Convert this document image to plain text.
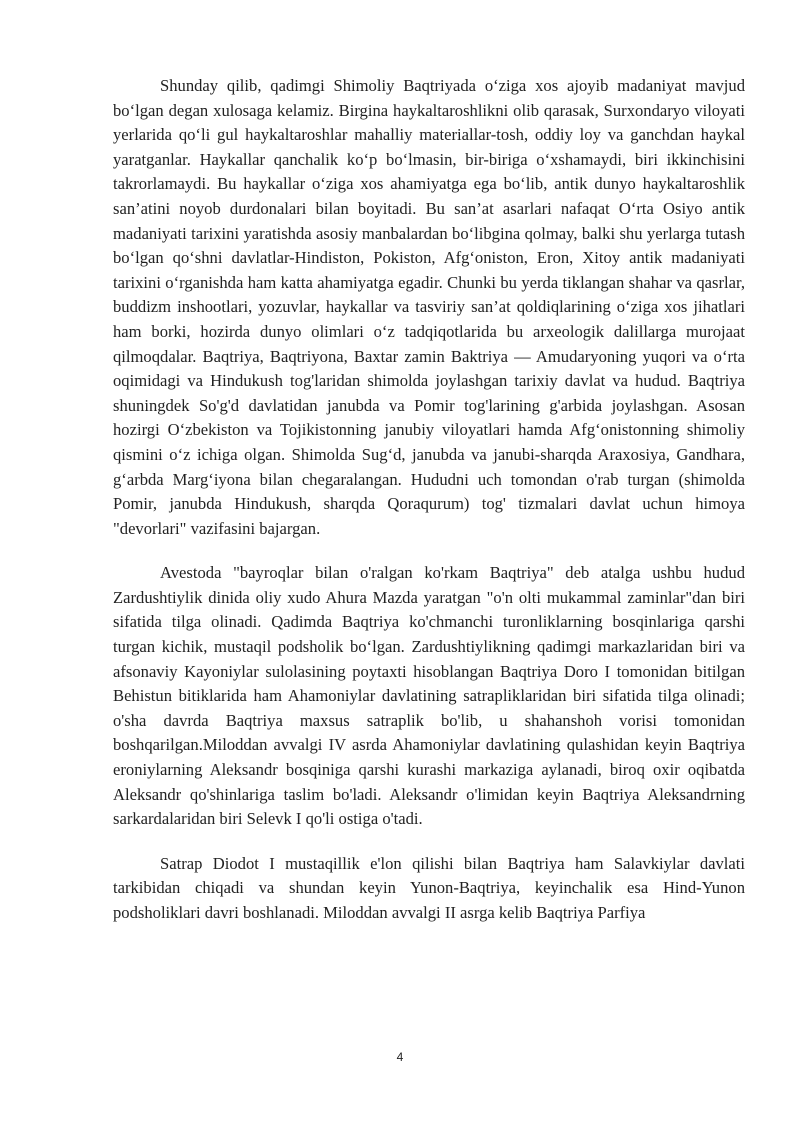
Shunday qilib, qadimgi Shimoliy Baqtriyada o‘ziga xos ajoyib madaniyat mavjud bo‘lgan degan xulosaga kelamiz. Birgina haykaltaroshlikni olib qarasak, Surxondaryo viloyati yerlarida qo‘li gul haykaltaroshlar mahalliy materiallar-tosh, oddiy loy va ganchdan haykal yaratganlar. Haykallar qanchalik ko‘p bo‘lmasin, bir-biriga o‘xshamaydi, biri ikkinchisini takrorlamaydi. Bu haykallar o‘ziga xos ahamiyatga ega bo‘lib, antik dunyo haykaltaroshlik san’atini noyob durdonalari bilan boyitadi. Bu san’at asarlari nafaqat O‘rta Osiyo antik madaniyati tarixini yaratishda asosiy manbalardan bo‘libgina qolmay, balki shu yerlarga tutash bo‘lgan qo‘shni davlatlar-Hindiston, Pokiston, Afg‘oniston, Eron, Xitoy antik madaniyati tarixini o‘rganishda ham katta ahamiyatga egadir. Chunki bu yerda tiklangan shahar va qasrlar, buddizm inshootlari, yozuvlar, haykallar va tasviriy san’at qoldiqlarining o‘ziga xos jihatlari ham borki, hozirda dunyo olimlari o‘z tadqiqotlarida bu arxeologik dalillarga murojaat qilmoqdalar. Baqtriya, Baqtriyona, Baxtar zamin Baktriya — Amudaryoning yuqori va o‘rta oqimidagi va Hindukush tog'laridan shimolda joylashgan tarixiy davlat va hudud. Baqtriya shuningdek So'g'd davlatidan janubda va Pomir tog'larining g'arbida joylashgan. Asosan hozirgi O‘zbekiston va Tojikistonning janubiy viloyatlari hamda Afg‘onistonning shimoliy qismini o‘z ichiga olgan. Shimolda Sug‘d, janubda va janubi-sharqda Araxosiya, Gandhara, g‘arbda Marg‘iyona bilan chegaralangan. Hududni uch tomondan o'rab turgan (shimolda Pomir, janubda Hindukush, sharqda Qoraqurum) tog' tizmalari davlat uchun himoya "devorlari" vazifasini bajargan.

Avestoda "bayroqlar bilan o'ralgan ko'rkam Baqtriya" deb atalga ushbu hudud Zardushtiylik dinida oliy xudo Ahura Mazda yaratgan "o'n olti mukammal zaminlar"dan biri sifatida tilga olinadi. Qadimda Baqtriya ko'chmanchi turonliklarning bosqinlariga qarshi turgan kichik, mustaqil podsholik bo‘lgan. Zardushtiylikning qadimgi markazlaridan biri va afsonaviy Kayoniylar sulolasining poytaxti hisoblangan Baqtriya Doro I tomonidan bitilgan Behistun bitiklarida ham Ahamoniylar davlatining satrapliklaridan biri sifatida tilga olinadi; o'sha davrda Baqtriya maxsus satraplik bo'lib, u shahanshoh vorisi tomonidan boshqarilgan.Miloddan avvalgi IV asrda Ahamoniylar davlatining qulashidan keyin Baqtriya eroniylarning Aleksandr bosqiniga qarshi kurashi markaziga aylanadi, biroq oxir oqibatda Aleksandr qo'shinlariga taslim bo'ladi. Aleksandr o'limidan keyin Baqtriya Aleksandrning sarkardalaridan biri Selevk I qo'li ostiga o'tadi.

Satrap Diodot I mustaqillik e'lon qilishi bilan Baqtriya ham Salavkiylar davlati tarkibidan chiqadi va shundan keyin Yunon-Baqtriya, keyinchalik esa Hind-Yunon podsholiklari davri boshlanadi. Miloddan avvalgi II asrga kelib Baqtriya Parfiya

4
